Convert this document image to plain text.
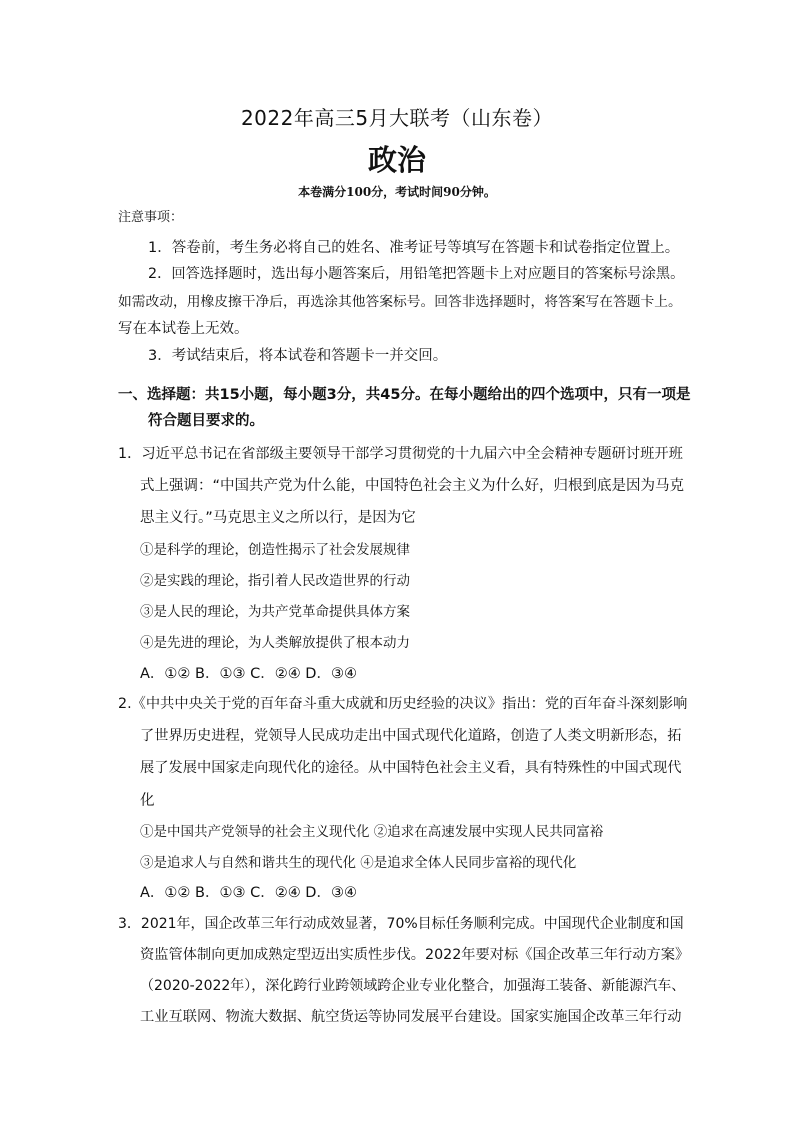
2022年高三5月大联考（山东卷）
政治
本卷满分100分，考试时间90分钟。
注意事项：
1．答卷前，考生务必将自己的姓名、准考证号等填写在答题卡和试卷指定位置上。
2．回答选择题时，选出每小题答案后，用铅笔把答题卡上对应题目的答案标号涂黑。
如需改动，用橡皮擦干净后，再选涂其他答案标号。回答非选择题时，将答案写在答题卡上。
写在本试卷上无效。
3．考试结束后，将本试卷和答题卡一并交回。
一、选择题：共15小题，每小题3分，共45分。在每小题给出的四个选项中，只有一项是
符合题目要求的。
1．习近平总书记在省部级主要领导干部学习贯彻党的十九届六中全会精神专题研讨班开班
式上强调：“中国共产党为什么能，中国特色社会主义为什么好，归根到底是因为马克
思主义行。”马克思主义之所以行，是因为它
①是科学的理论，创造性揭示了社会发展规律
②是实践的理论，指引着人民改造世界的行动
③是人民的理论，为共产党革命提供具体方案
④是先进的理论，为人类解放提供了根本动力
A．①② B．①③ C．②④ D．③④
2.《中共中央关于党的百年奋斗重大成就和历史经验的决议》指出：党的百年奋斗深刻影响
了世界历史进程，党领导人民成功走出中国式现代化道路，创造了人类文明新形态，拓
展了发展中国家走向现代化的途径。从中国特色社会主义看，具有特殊性的中国式现代
化
①是中国共产党领导的社会主义现代化 ②追求在高速发展中实现人民共同富裕
③是追求人与自然和谐共生的现代化 ④是追求全体人民同步富裕的现代化
A．①② B．①③ C．②④ D．③④
3．2021年，国企改革三年行动成效显著，70%目标任务顺利完成。中国现代企业制度和国
资监管体制向更加成熟定型迈出实质性步伐。2022年要对标《国企改革三年行动方案》
（2020-2022年），深化跨行业跨领域跨企业专业化整合，加强海工装备、新能源汽车、
工业互联网、物流大数据、航空货运等协同发展平台建设。国家实施国企改革三年行动
